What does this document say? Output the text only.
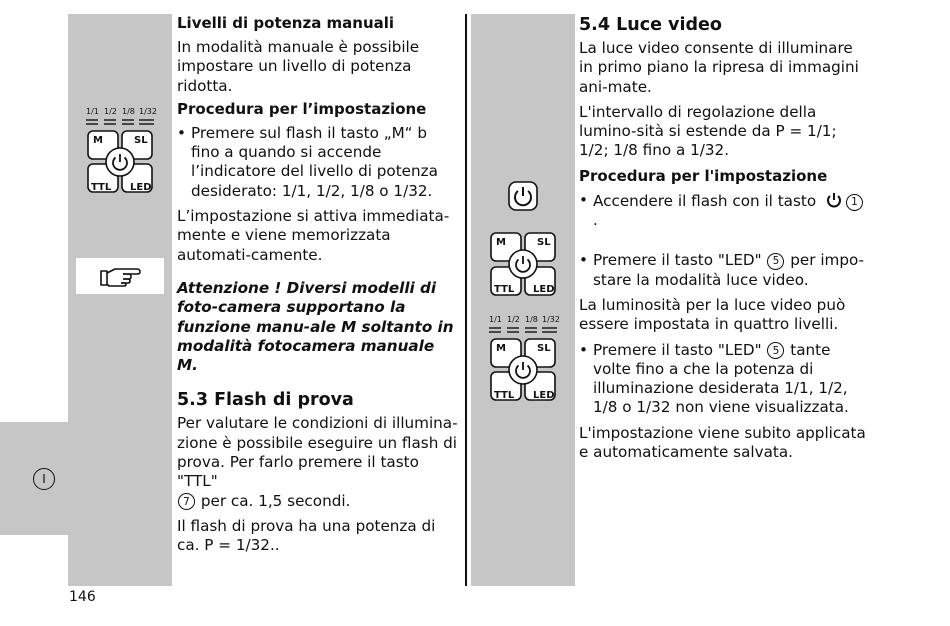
I
1/1 1/2 1/8 1/32
M	SL
TTL LED
M	SL
TTL LED
1/1 1/2 1/8 1/32
M	SL
TTL LED
Livelli di potenza manuali

In modalità manuale è possibile impostare un livello di potenza ridotta.

Procedura per l’impostazione

• Premere sul flash il tasto „M“ b fino a quando si accende l’indicatore del livello di potenza desiderato: 1/1, 1/2, 1/8 o 1/32.

L’impostazione si attiva immediata-mente e viene memorizzata automati-camente.

Attenzione ! Diversi modelli di foto-camera supportano la funzione manu-ale M soltanto in modalità fotocamera manuale M.

5.3 Flash di prova

Per valutare le condizioni di illumina-zione è possibile eseguire un flash di prova. Per farlo premere il tasto "TTL"
7 per ca. 1,5 secondi.

Il flash di prova ha una potenza di ca. P = 1/32..

5.4 Luce video

La luce video consente di illuminare in primo piano la ripresa di immagini ani-mate.

L'intervallo di regolazione della lumino-sità si estende da P = 1/1; 1/2; 1/8 fino a 1/32.

Procedura per l'impostazione

• Accendere il flash con il tasto	1 .

• Premere il tasto "LED" 5 per impo-stare la modalità luce video.

La luminosità per la luce video può essere impostata in quattro livelli.

• Premere il tasto "LED" 5 tante volte fino a che la potenza di illuminazione desiderata 1/1, 1/2, 1/8 o 1/32 non viene visualizzata.

L'impostazione viene subito applicata e automaticamente salvata.

146
